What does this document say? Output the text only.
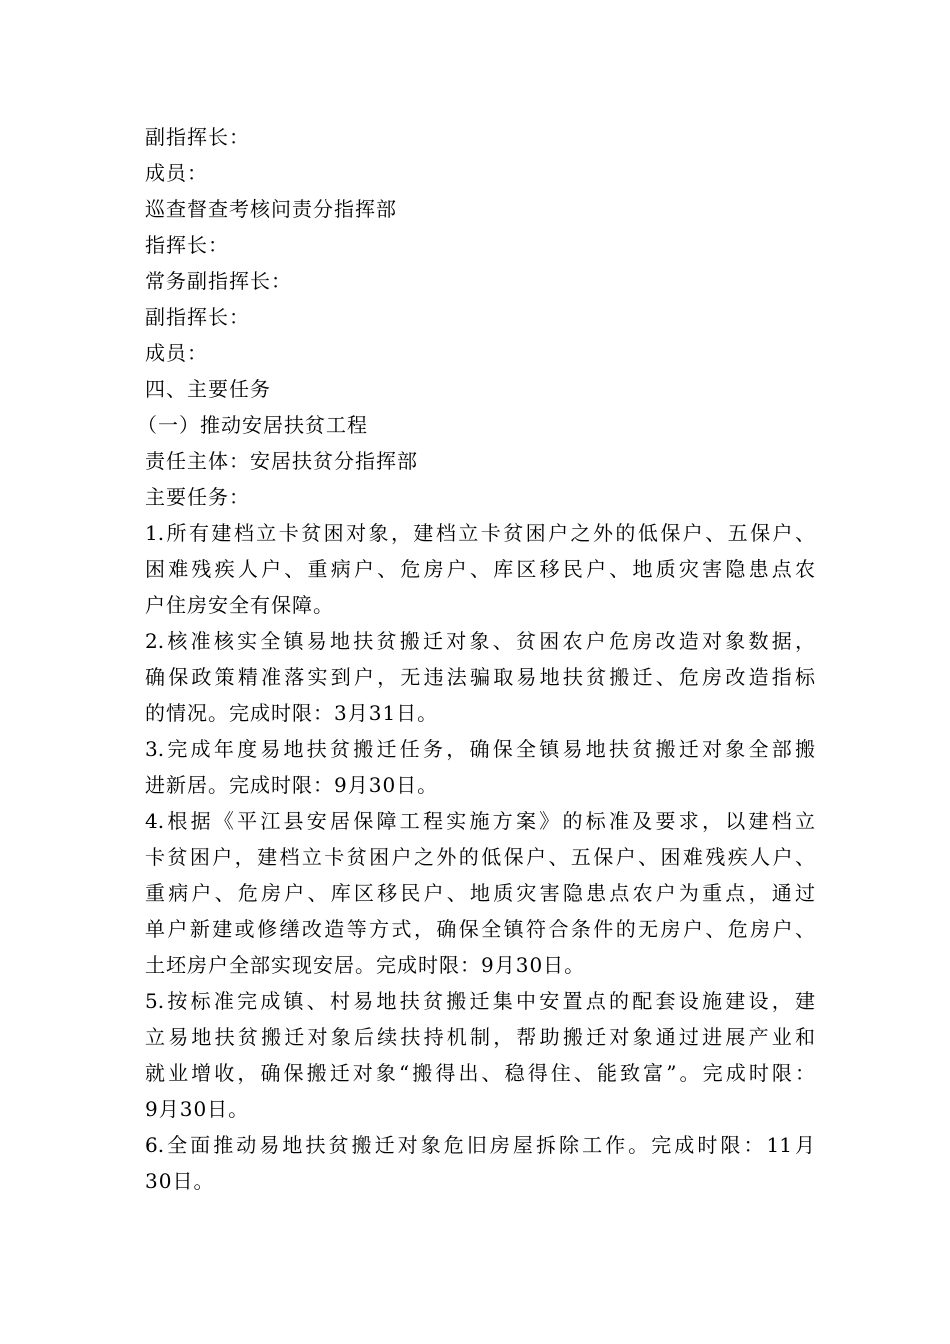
副指挥长：
成员：
巡查督查考核问责分指挥部
指挥长：
常务副指挥长：
副指挥长：
成员：
四、主要任务
（一）推动安居扶贫工程
责任主体：安居扶贫分指挥部
主要任务：
1.所有建档立卡贫困对象，建档立卡贫困户之外的低保户、五保户、
困难残疾人户、重病户、危房户、库区移民户、地质灾害隐患点农
户住房安全有保障。
2.核准核实全镇易地扶贫搬迁对象、贫困农户危房改造对象数据，
确保政策精准落实到户，无违法骗取易地扶贫搬迁、危房改造指标
的情况。完成时限：3月31日。
3.完成年度易地扶贫搬迁任务，确保全镇易地扶贫搬迁对象全部搬
进新居。完成时限：9月30日。
4.根据《平江县安居保障工程实施方案》的标准及要求，以建档立
卡贫困户，建档立卡贫困户之外的低保户、五保户、困难残疾人户、
重病户、危房户、库区移民户、地质灾害隐患点农户为重点，通过
单户新建或修缮改造等方式，确保全镇符合条件的无房户、危房户、
土坯房户全部实现安居。完成时限：9月30日。
5.按标准完成镇、村易地扶贫搬迁集中安置点的配套设施建设，建
立易地扶贫搬迁对象后续扶持机制，帮助搬迁对象通过进展产业和
就业增收，确保搬迁对象“搬得出、稳得住、能致富”。完成时限：
9月30日。
6.全面推动易地扶贫搬迁对象危旧房屋拆除工作。完成时限：11月
30日。
